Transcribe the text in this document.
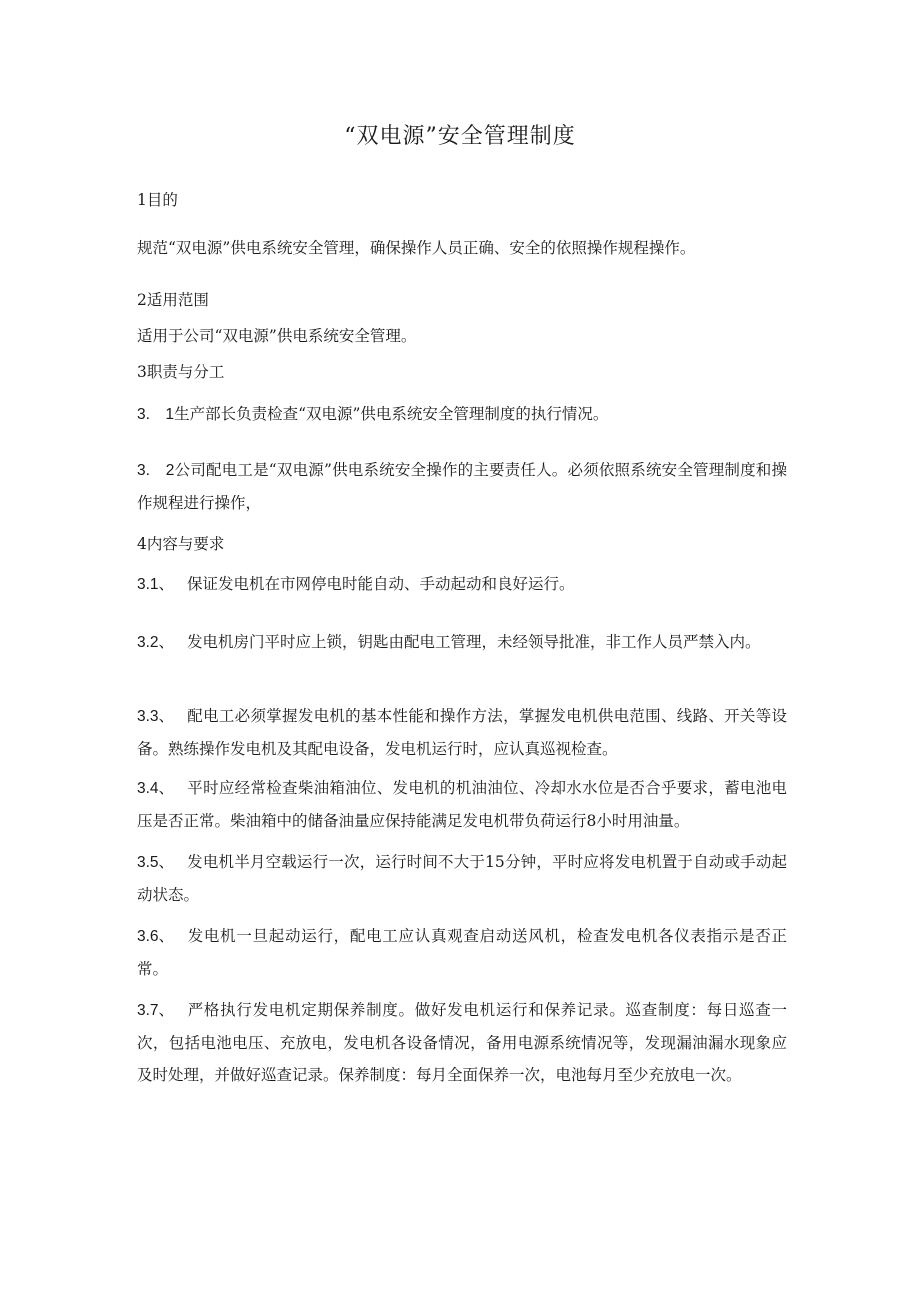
“双电源”安全管理制度

1目的

规范“双电源”供电系统安全管理，确保操作人员正确、安全的依照操作规程操作。

2适用范围

适用于公司“双电源”供电系统安全管理。

3职责与分工

3.　1生产部长负责检查“双电源”供电系统安全管理制度的执行情况。

3.　2公司配电工是“双电源”供电系统安全操作的主要责任人。必须依照系统安全管理制度和操作规程进行操作，

4内容与要求

3.1、 保证发电机在市网停电时能自动、手动起动和良好运行。

3.2、 发电机房门平时应上锁，钥匙由配电工管理，未经领导批准，非工作人员严禁入内。

3.3、 配电工必须掌握发电机的基本性能和操作方法，掌握发电机供电范围、线路、开关等设备。熟练操作发电机及其配电设备，发电机运行时，应认真巡视检查。

3.4、 平时应经常检查柴油箱油位、发电机的机油油位、冷却水水位是否合乎要求，蓄电池电压是否正常。柴油箱中的储备油量应保持能满足发电机带负荷运行8小时用油量。

3.5、 发电机半月空载运行一次，运行时间不大于15分钟，平时应将发电机置于自动或手动起动状态。

3.6、 发电机一旦起动运行，配电工应认真观查启动送风机，检查发电机各仪表指示是否正常。

3.7、 严格执行发电机定期保养制度。做好发电机运行和保养记录。巡查制度：每日巡查一次，包括电池电压、充放电，发电机各设备情况，备用电源系统情况等，发现漏油漏水现象应及时处理，并做好巡查记录。保养制度：每月全面保养一次，电池每月至少充放电一次。
